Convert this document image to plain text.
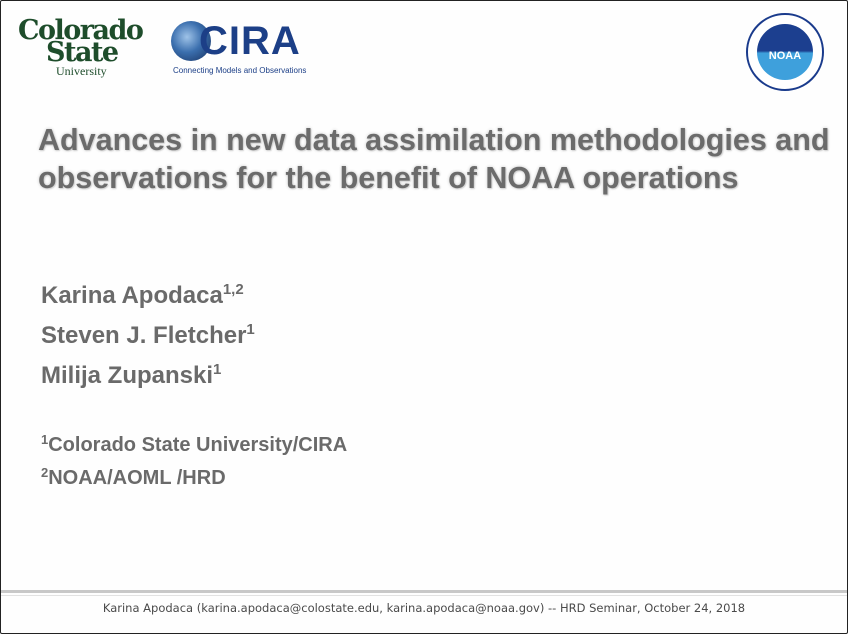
Colorado
State
University
CIRA
Connecting Models and Observations
NOAA
Advances in new data assimilation methodologies and observations for the benefit of NOAA operations
Karina Apodaca$^{1,2}$
Steven J. Fletcher$^1$
Milija Zupanski$^1$
$^1$Colorado State University/CIRA
$^2$NOAA/AOML /HRD
Karina Apodaca (karina.apodaca@colostate.edu, karina.apodaca@noaa.gov) -- HRD Seminar, October 24, 2018
